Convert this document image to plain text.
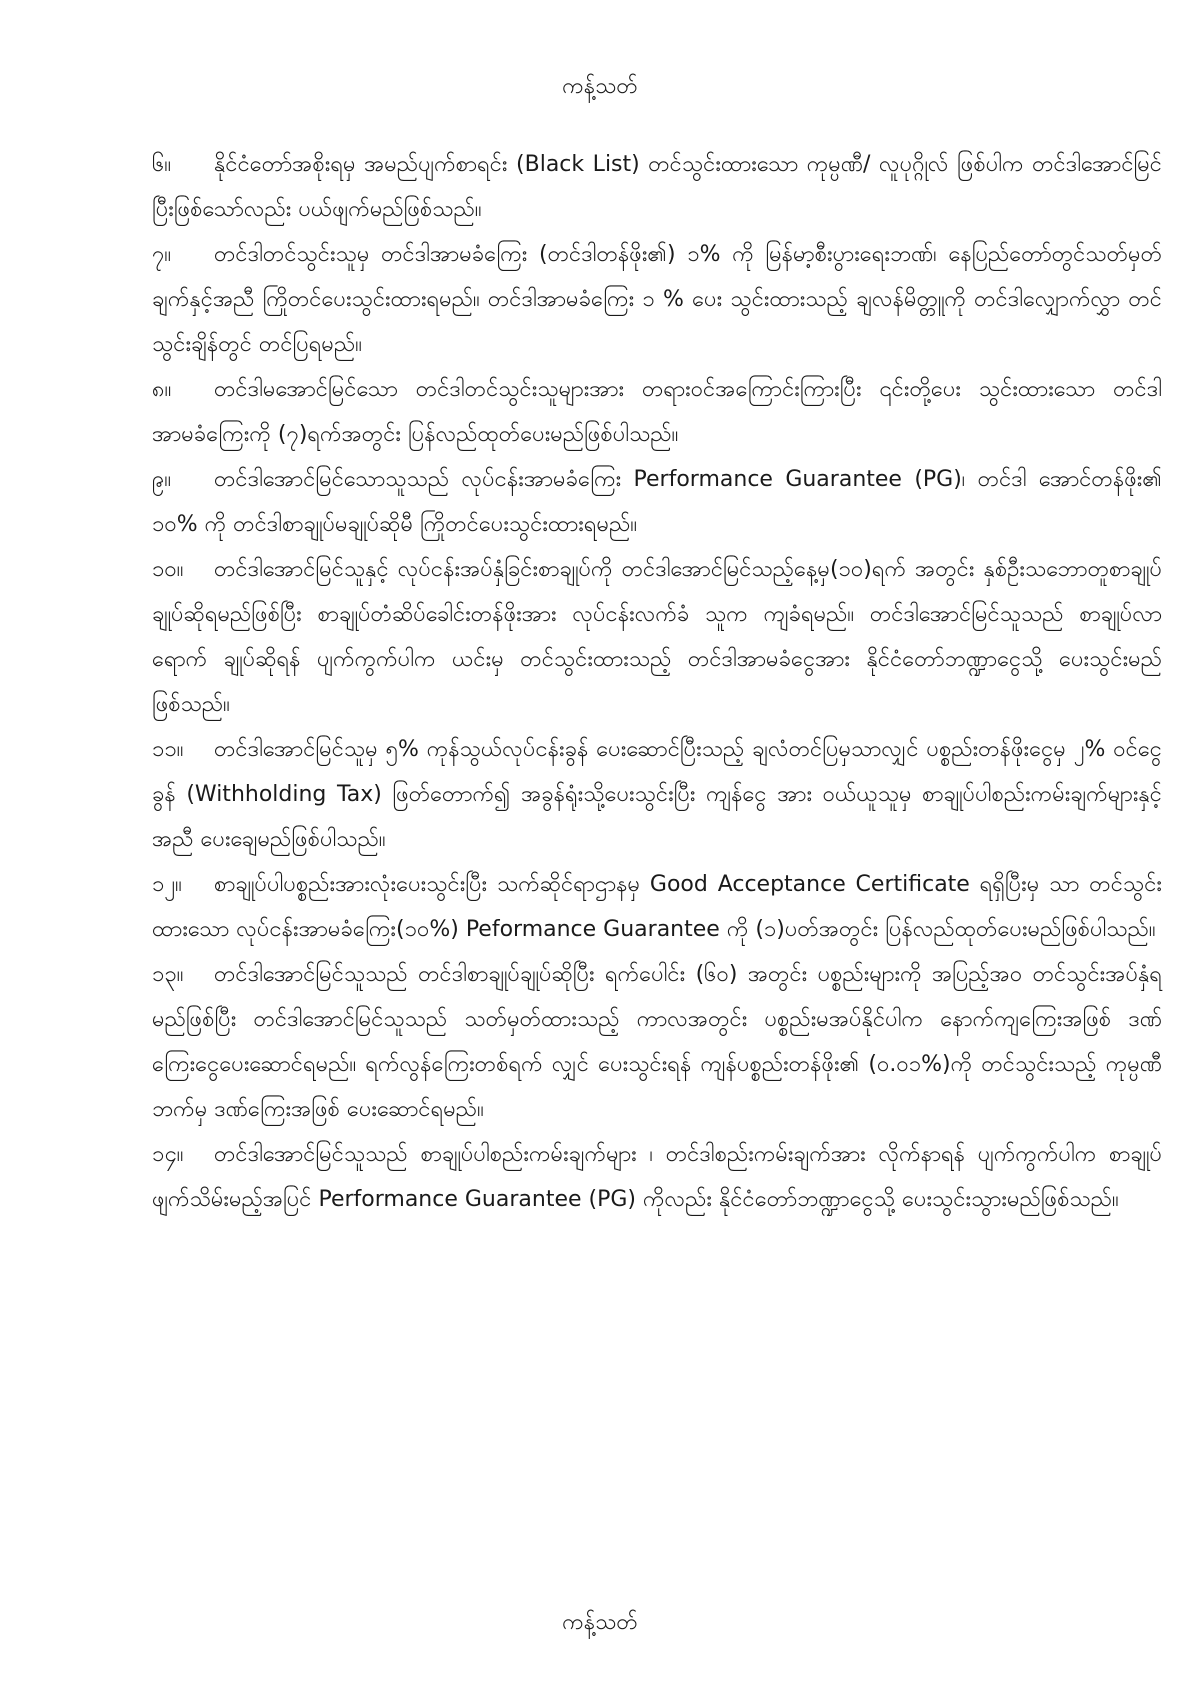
ကန့်သတ်

၆။ နိုင်ငံတော်အစိုးရမှ အမည်ပျက်စာရင်း (Black List) တင်သွင်းထားသော ကုမ္ပဏီ/ လူပုဂ္ဂိုလ် ဖြစ်ပါက တင်ဒါအောင်မြင်ပြီးဖြစ်သော်လည်း ပယ်ဖျက်မည်ဖြစ်သည်။

၇။ တင်ဒါတင်သွင်းသူမှ တင်ဒါအာမခံကြေး (တင်ဒါတန်ဖိုး၏) ၁% ကို မြန်မာ့စီးပွားရေးဘဏ်၊ နေပြည်တော်တွင်သတ်မှတ်ချက်နှင့်အညီ ကြိုတင်ပေးသွင်းထားရမည်။ တင်ဒါအာမခံကြေး ၁ % ပေး သွင်းထားသည့် ချလန်မိတ္တူကို တင်ဒါလျှောက်လွှာ တင်သွင်းချိန်တွင် တင်ပြရမည်။

၈။ တင်ဒါမအောင်မြင်သော တင်ဒါတင်သွင်းသူများအား တရားဝင်အကြောင်းကြားပြီး ၎င်းတို့ပေး သွင်းထားသော တင်ဒါအာမခံကြေးကို (၇)ရက်အတွင်း ပြန်လည်ထုတ်ပေးမည်ဖြစ်ပါသည်။

၉။ တင်ဒါအောင်မြင်သောသူသည် လုပ်ငန်းအာမခံကြေး Performance Guarantee (PG)၊ တင်ဒါ အောင်တန်ဖိုး၏ ၁၀% ကို တင်ဒါစာချုပ်မချုပ်ဆိုမီ ကြိုတင်ပေးသွင်းထားရမည်။

၁၀။ တင်ဒါအောင်မြင်သူနှင့် လုပ်ငန်းအပ်နှံခြင်းစာချုပ်ကို တင်ဒါအောင်မြင်သည့်နေ့မှ(၁၀)ရက် အတွင်း နှစ်ဦးသဘောတူစာချုပ်ချုပ်ဆိုရမည်ဖြစ်ပြီး စာချုပ်တံဆိပ်ခေါင်းတန်ဖိုးအား လုပ်ငန်းလက်ခံ သူက ကျခံရမည်။ တင်ဒါအောင်မြင်သူသည် စာချုပ်လာရောက် ချုပ်ဆိုရန် ပျက်ကွက်ပါက ယင်းမှ တင်သွင်းထားသည့် တင်ဒါအာမခံငွေအား နိုင်ငံတော်ဘဏ္ဍာငွေသို့ ပေးသွင်းမည်ဖြစ်သည်။

၁၁။ တင်ဒါအောင်မြင်သူမှ ၅% ကုန်သွယ်လုပ်ငန်းခွန် ပေးဆောင်ပြီးသည့် ချလံတင်ပြမှသာလျှင် ပစ္စည်းတန်ဖိုးငွေမှ ၂% ဝင်ငွေခွန် (Withholding Tax) ဖြတ်တောက်၍ အခွန်ရုံးသို့ပေးသွင်းပြီး ကျန်ငွေ အား ဝယ်ယူသူမှ စာချုပ်ပါစည်းကမ်းချက်များနှင့်အညီ ပေးချေမည်ဖြစ်ပါသည်။

၁၂။ စာချုပ်ပါပစ္စည်းအားလုံးပေးသွင်းပြီး သက်ဆိုင်ရာဌာနမှ Good Acceptance Certificate ရရှိပြီးမှ သာ တင်သွင်းထားသော လုပ်ငန်းအာမခံကြေး(၁၀%) Peformance Guarantee ကို (၁)ပတ်အတွင်း ပြန်လည်ထုတ်ပေးမည်ဖြစ်ပါသည်။

၁၃။ တင်ဒါအောင်မြင်သူသည် တင်ဒါစာချုပ်ချုပ်ဆိုပြီး ရက်ပေါင်း (၆၀) အတွင်း ပစ္စည်းများကို အပြည့်အဝ တင်သွင်းအပ်နှံရမည်ဖြစ်ပြီး တင်ဒါအောင်မြင်သူသည် သတ်မှတ်ထားသည့် ကာလအတွင်း ပစ္စည်းမအပ်နိုင်ပါက နောက်ကျကြေးအဖြစ် ဒဏ်ကြေးငွေပေးဆောင်ရမည်။ ရက်လွန်ကြေးတစ်ရက် လျှင် ပေးသွင်းရန် ကျန်ပစ္စည်းတန်ဖိုး၏ (၀.၀၁%)ကို တင်သွင်းသည့် ကုမ္ပဏီဘက်မှ ဒဏ်ကြေးအဖြစ် ပေးဆောင်ရမည်။

၁၄။ တင်ဒါအောင်မြင်သူသည် စာချုပ်ပါစည်းကမ်းချက်များ ၊ တင်ဒါစည်းကမ်းချက်အား လိုက်နာရန် ပျက်ကွက်ပါက စာချုပ်ဖျက်သိမ်းမည့်အပြင် Performance Guarantee (PG) ကိုလည်း နိုင်ငံတော်ဘဏ္ဍာငွေသို့ ပေးသွင်းသွားမည်ဖြစ်သည်။

ကန့်သတ်
